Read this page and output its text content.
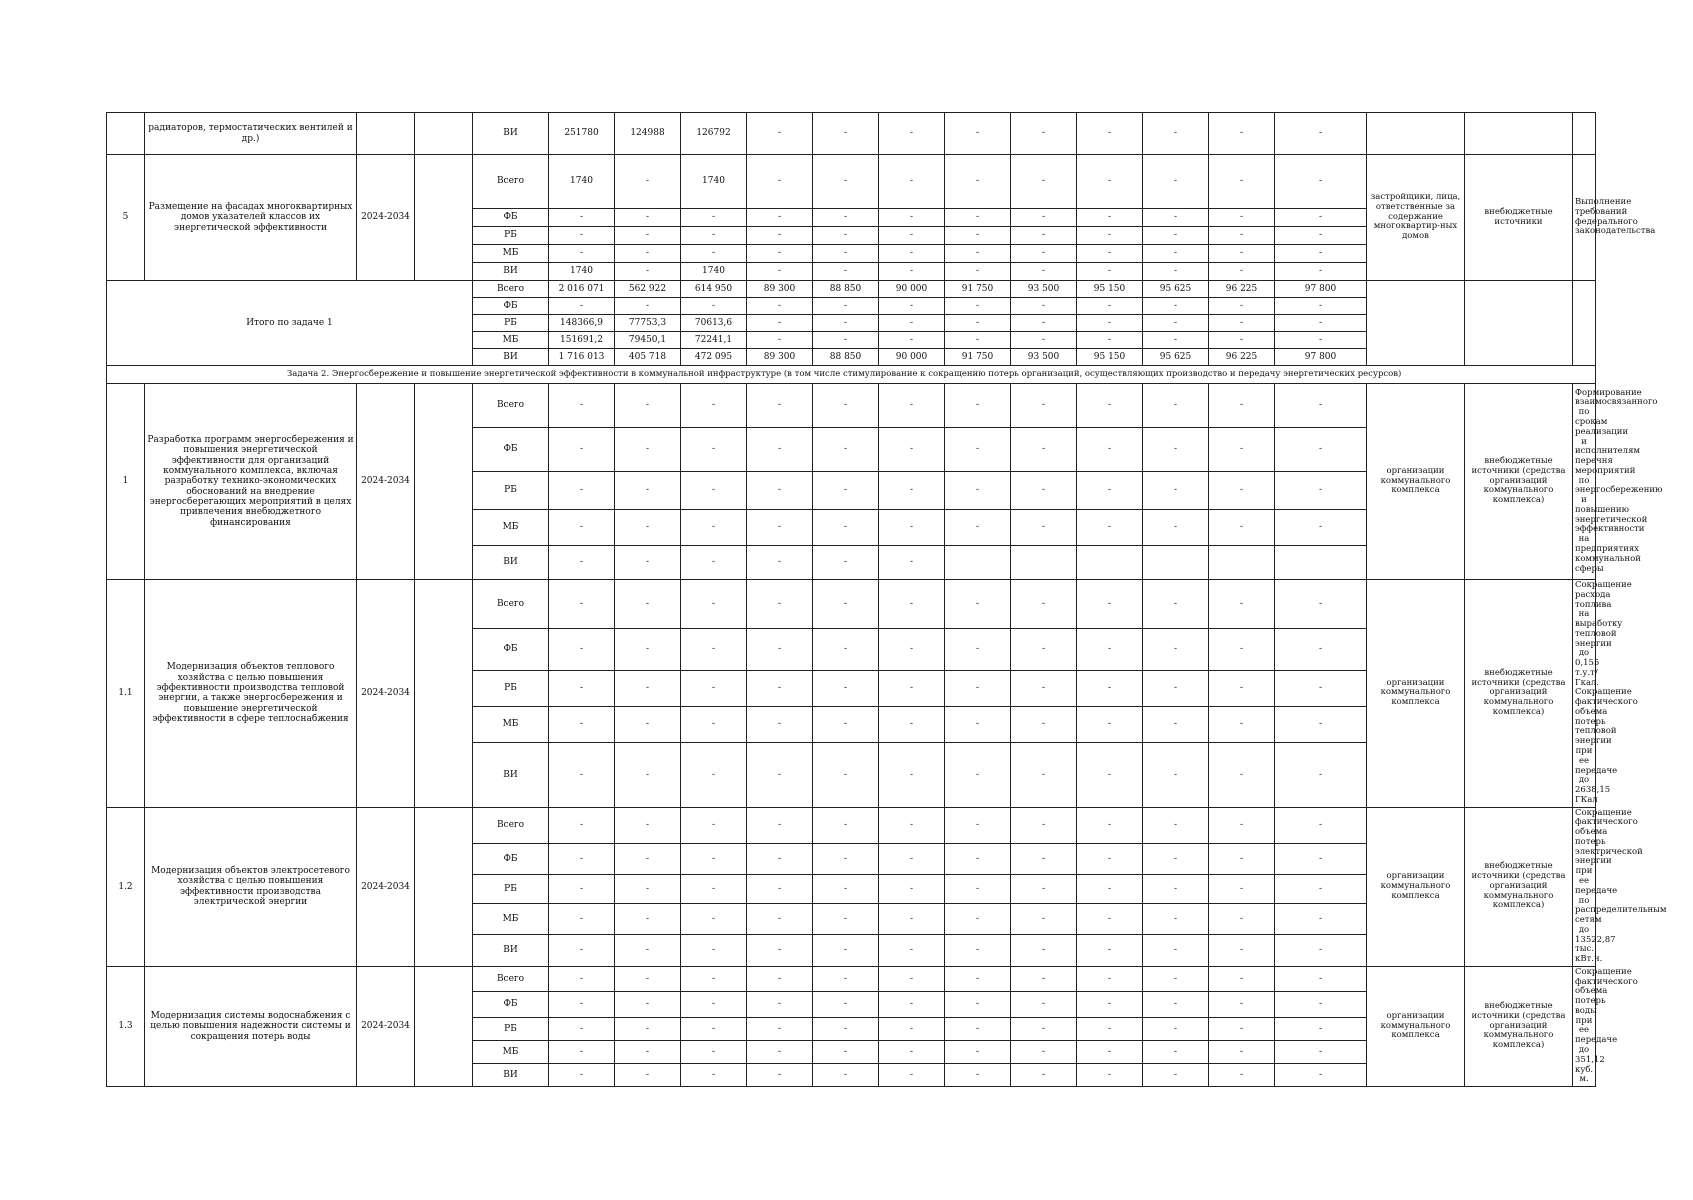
	радиаторов, термостатических вентилей и др.)			ВИ	251780	124988	126792	-	-	-	-	-	-	-	-	-			
5	Размещение на фасадах многоквартирных домов указателей классов их энергетической эффективности	2024-2034		Всего	1740	-	1740	-	-	-	-	-	-	-	-	-	застройщики, лица, ответственные за содержание многоквартир-ных домов	внебюджетные источники	Выполнение требований федерального законодательства
				ФБ	-	-	-	-	-	-	-	-	-	-	-	-			
				РБ	-	-	-	-	-	-	-	-	-	-	-	-			
				МБ	-	-	-	-	-	-	-	-	-	-	-	-			
				ВИ	1740	-	1740	-	-	-	-	-	-	-	-	-			
Итого по задаче 1				Всего	2 016 071	562 922	614 950	89 300	88 850	90 000	91 750	93 500	95 150	95 625	96 225	97 800			
				ФБ	-	-	-	-	-	-	-	-	-	-	-	-			
				РБ	148366,9	77753,3	70613,6	-	-	-	-	-	-	-	-	-			
				МБ	151691,2	79450,1	72241,1	-	-	-	-	-	-	-	-	-			
				ВИ	1 716 013	405 718	472 095	89 300	88 850	90 000	91 750	93 500	95 150	95 625	96 225	97 800			
Задача 2. Энергосбережение и повышение энергетической эффективности в коммунальной инфраструктуре (в том числе стимулирование к сокращению потерь организаций, осуществляющих производство и передачу энергетических ресурсов)																			
1	Разработка программ энергосбережения и повышения энергетической эффективности для организаций коммунального комплекса, включая разработку технико-экономических обоснований на внедрение энергосберегающих мероприятий в целях привлечения внебюджетного финансирования	2024-2034		Всего	-	-	-	-	-	-	-	-	-	-	-	-	организации коммунального комплекса	внебюджетные источники (средства организаций коммунального комплекса)	Формирование взаимосвязанного по срокам реализации и исполнителям перечня мероприятий по энергосбережению и повышению энергетической эффективности на предприятиях коммунальной сферы
				ФБ	-	-	-	-	-	-	-	-	-	-	-	-			
				РБ	-	-	-	-	-	-	-	-	-	-	-	-			
				МБ	-	-	-	-	-	-	-	-	-	-	-	-			
				ВИ	-	-	-	-	-	-									
1.1	Модернизация объектов теплового хозяйства с целью повышения эффективности производства тепловой энергии, а также энергосбережения и повышение энергетической эффективности в сфере теплоснабжения	2024-2034		Всего	-	-	-	-	-	-	-	-	-	-	-	-	организации коммунального комплекса	внебюджетные источники (средства организаций коммунального комплекса)	Сокращение расхода топлива на выработку тепловой энергии до 0,155 т.у.т/Гкал. Сокращение фактического объема потерь тепловой энергии при ее передаче до 2638,15 ГКал
				ФБ	-	-	-	-	-	-	-	-	-	-	-	-			
				РБ	-	-	-	-	-	-	-	-	-	-	-	-			
				МБ	-	-	-	-	-	-	-	-	-	-	-	-			
				ВИ	-	-	-	-	-	-	-	-	-	-	-	-			
1.2	Модернизация объектов электросетевого хозяйства с целью повышения эффективности производства электрической энергии	2024-2034		Всего	-	-	-	-	-	-	-	-	-	-	-	-	организации коммунального комплекса	внебюджетные источники (средства организаций коммунального комплекса)	Сокращение фактического объема потерь электрической энергии при ее передаче по распределительным сетям до 13522,87 тыс. кВт.ч.
				ФБ	-	-	-	-	-	-	-	-	-	-	-	-			
				РБ	-	-	-	-	-	-	-	-	-	-	-	-			
				МБ	-	-	-	-	-	-	-	-	-	-	-	-			
				ВИ	-	-	-	-	-	-	-	-	-	-	-	-			
1.3	Модернизация системы водоснабжения с целью повышения надежности системы и сокращения потерь воды	2024-2034		Всего	-	-	-	-	-	-	-	-	-	-	-	-	организации коммунального комплекса	внебюджетные источники (средства организаций коммунального комплекса)	Сокращение фактического объема потерь воды при ее передаче до 351,12 куб. м.
				ФБ	-	-	-	-	-	-	-	-	-	-	-	-			
				РБ	-	-	-	-	-	-	-	-	-	-	-	-			
				МБ	-	-	-	-	-	-	-	-	-	-	-	-			
				ВИ	-	-	-	-	-	-	-	-	-	-	-	-			
